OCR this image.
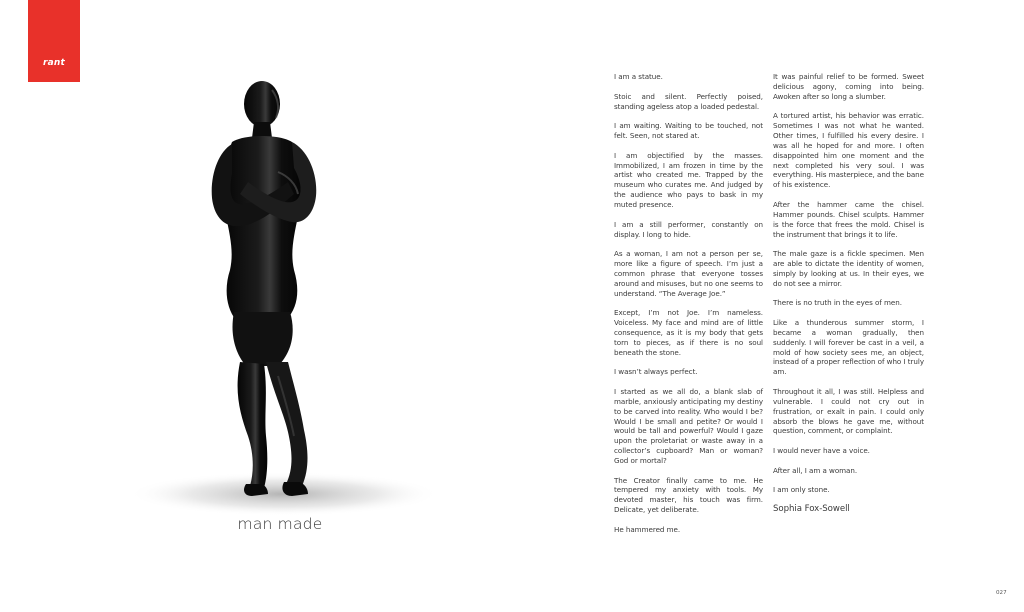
rant
man made

I am a statue.

Stoic and silent. Perfectly poised, standing ageless atop a loaded pedestal.

I am waiting. Waiting to be touched, not felt. Seen, not stared at.

I am objectified by the masses. Immobilized, I am frozen in time by the artist who created me. Trapped by the museum who curates me. And judged by the audience who pays to bask in my muted presence.

I am a still performer, constantly on display. I long to hide.

As a woman, I am not a person per se, more like a figure of speech. I’m just a common phrase that everyone tosses around and misuses, but no one seems to understand. “The Average Joe.”

Except, I’m not Joe. I’m nameless. Voiceless. My face and mind are of little consequence, as it is my body that gets torn to pieces, as if there is no soul beneath the stone.

I wasn’t always perfect.

I started as we all do, a blank slab of marble, anxiously anticipating my destiny to be carved into reality. Who would I be? Would I be small and petite? Or would I would be tall and powerful? Would I gaze upon the proletariat or waste away in a collector’s cupboard? Man or woman? God or mortal?

The Creator finally came to me. He tempered my anxiety with tools. My devoted master, his touch was firm. Delicate, yet deliberate.

He hammered me.

It was painful relief to be formed. Sweet delicious agony, coming into being. Awoken after so long a slumber.

A tortured artist, his behavior was erratic. Sometimes I was not what he wanted. Other times, I fulfilled his every desire. I was all he hoped for and more. I often disappointed him one moment and the next completed his very soul. I was everything. His masterpiece, and the bane of his existence.

After the hammer came the chisel. Hammer pounds. Chisel sculpts. Hammer is the force that frees the mold. Chisel is the instrument that brings it to life.

The male gaze is a fickle specimen. Men are able to dictate the identity of women, simply by looking at us. In their eyes, we do not see a mirror.

There is no truth in the eyes of men.

Like a thunderous summer storm, I became a woman gradually, then suddenly. I will forever be cast in a veil, a mold of how society sees me, an object, instead of a proper reflection of who I truly am.

Throughout it all, I was still. Helpless and vulnerable. I could not cry out in frustration, or exalt in pain. I could only absorb the blows he gave me, without question, comment, or complaint.

I would never have a voice.

After all, I am a woman.

I am only stone.

Sophia Fox-Sowell
027
